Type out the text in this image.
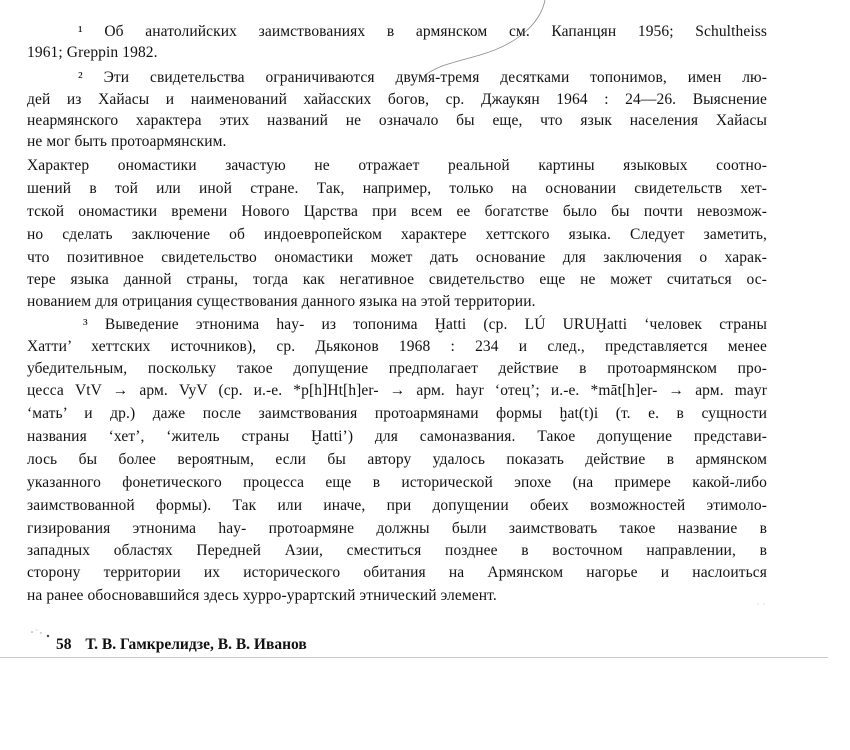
¹ Об анатолийских заимствованиях в армянском см. Капанцян 1956; Schultheiss
1961; Greppin 1982.
² Эти свидетельства ограничиваются двумя-тремя десятками топонимов, имен лю-
дей из Хайасы и наименований хайасских богов, ср. Джаукян 1964 : 24—26. Выяснение
неармянского характера этих названий не означало бы еще, что язык населения Хайасы
не мог быть протоармянским.
Характер ономастики зачастую не отражает реальной картины языковых соотно-
шений в той или иной стране. Так, например, только на основании свидетельств хет-
тской ономастики времени Нового Царства при всем ее богатстве было бы почти невозмож-
но сделать заключение об индоевропейском характере хеттского языка. Следует заметить,
что позитивное свидетельство ономастики может дать основание для заключения о харак-
тере языка данной страны, тогда как негативное свидетельство еще не может считаться ос-
нованием для отрицания существования данного языка на этой территории.
³ Выведение этнонима hay- из топонима Ḫatti (ср. LÚ URUḪatti ‘человек страны
Хатти’ хеттских источников), ср. Дьяконов 1968 : 234 и след., представляется менее
убедительным, поскольку такое допущение предполагает действие в протоармянском про-
цесса VtV → арм. VyV (ср. и.-е. *p[h]Ht[h]er- → арм. hayr ‘отец’; и.-е. *māt[h]er- → арм. mayr
‘мать’ и др.) даже после заимствования протоармянами формы ḫat(t)i (т. е. в сущности
названия ‘хет’, ‘житель страны Ḫatti’) для самоназвания. Такое допущение представи-
лось бы более вероятным, если бы автору удалось показать действие в армянском
указанного фонетического процесса еще в исторической эпохе (на примере какой-либо
заимствованной формы). Так или иначе, при допущении обеих возможностей этимоло-
гизирования этнонима hay- протоармяне должны были заимствовать такое название в
западных областях Передней Азии, сместиться позднее в восточном направлении, в
сторону территории их исторического обитания на Армянском нагорье и наслоиться
на ранее обосновавшийся здесь хурро-урартский этнический элемент.
58 Т. В. Гамкрелидзе, В. В. Иванов
